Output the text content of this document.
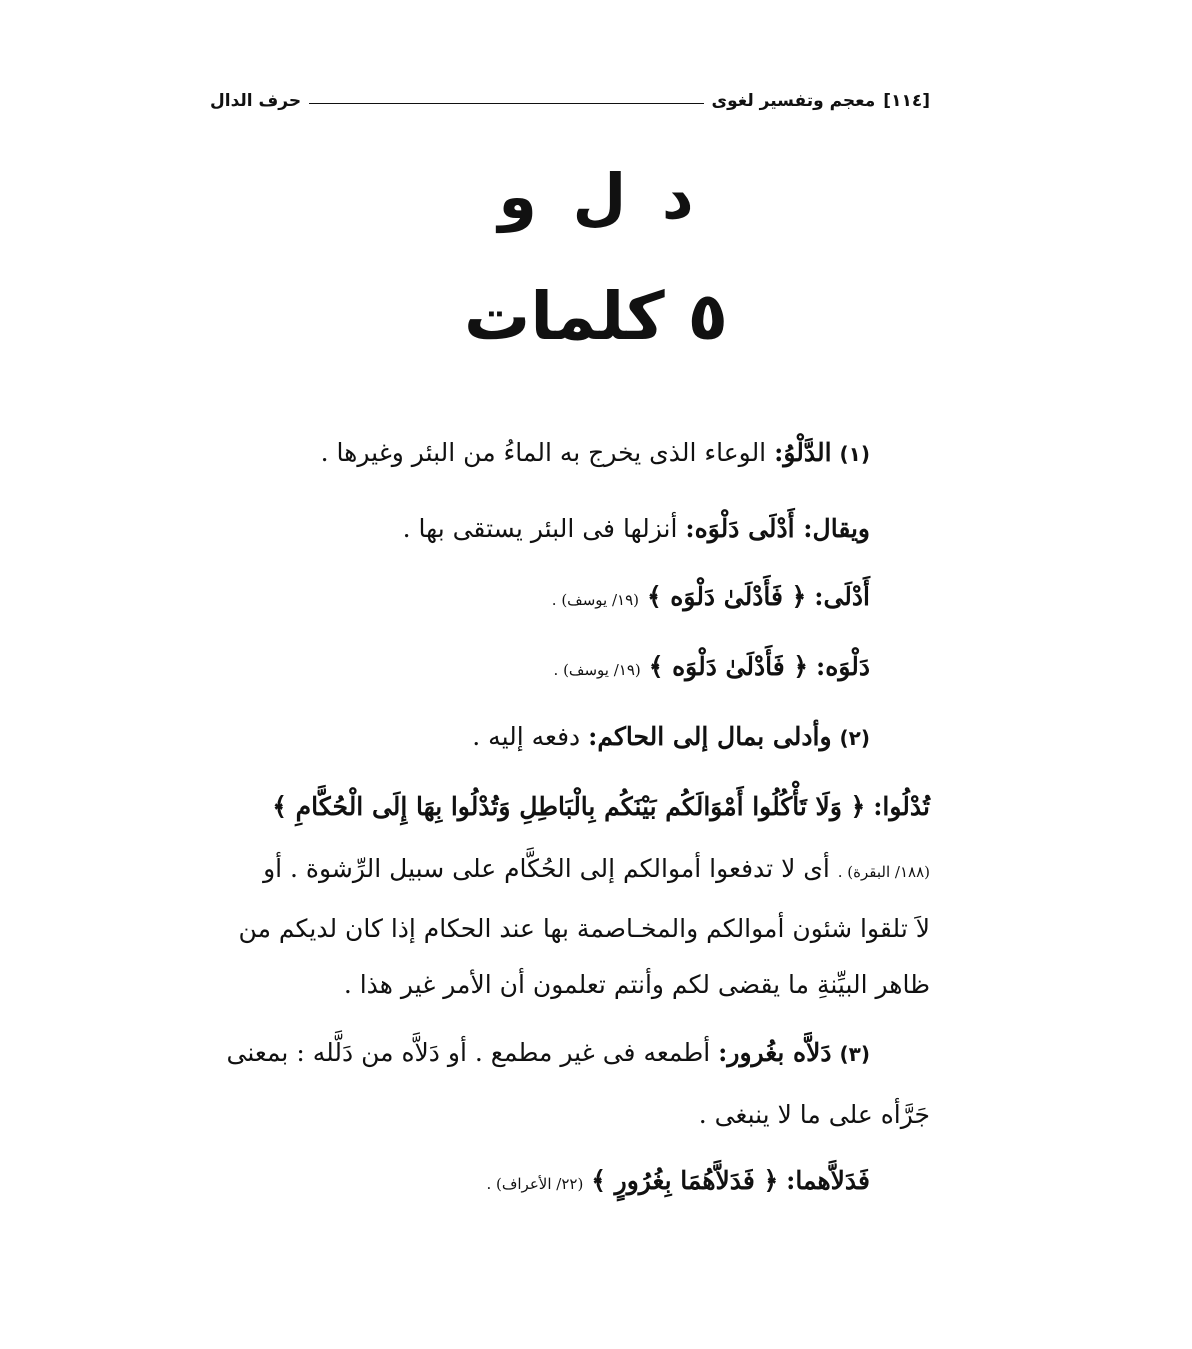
[١١٤]
معجم وتفسير لغوى
حرف الدال
د ل و
٥ كلمات
(١) الدَّلْوُ: الوعاء الذى يخرج به الماءُ من البئر وغيرها .
ويقال: أَدْلَى دَلْوَه: أنزلها فى البئر يستقى بها .
أَدْلَى: ﴿ فَأَدْلَىٰ دَلْوَه ﴾ (١٩/ يوسف) .
دَلْوَه: ﴿ فَأَدْلَىٰ دَلْوَه ﴾ (١٩/ يوسف) .
(٢) وأدلى بمال إلى الحاكم: دفعه إليه .
تُدْلُوا: ﴿ وَلَا تَأْكُلُوا أَمْوَالَكُم بَيْنَكُم بِالْبَاطِلِ وَتُدْلُوا بِهَا إِلَى الْحُكَّامِ ﴾
(١٨٨/ البقرة) . أى لا تدفعوا أموالكم إلى الحُكَّام على سبيل الرِّشوة . أو
لاَ تلقوا شئون أموالكم والمخـاصمة بها عند الحكام إذا كان لديكم من
ظاهر البيِّنةِ ما يقضى لكم وأنتم تعلمون أن الأمر غير هذا .
(٣) دَلاَّه بغُرور: أطمعه فى غير مطمع . أو دَلاَّه من دَلَّله : بمعنى
جَرَّأه على ما لا ينبغى .
فَدَلاَّهما: ﴿ فَدَلاَّهُمَا بِغُرُورٍ ﴾ (٢٢/ الأعراف) .
